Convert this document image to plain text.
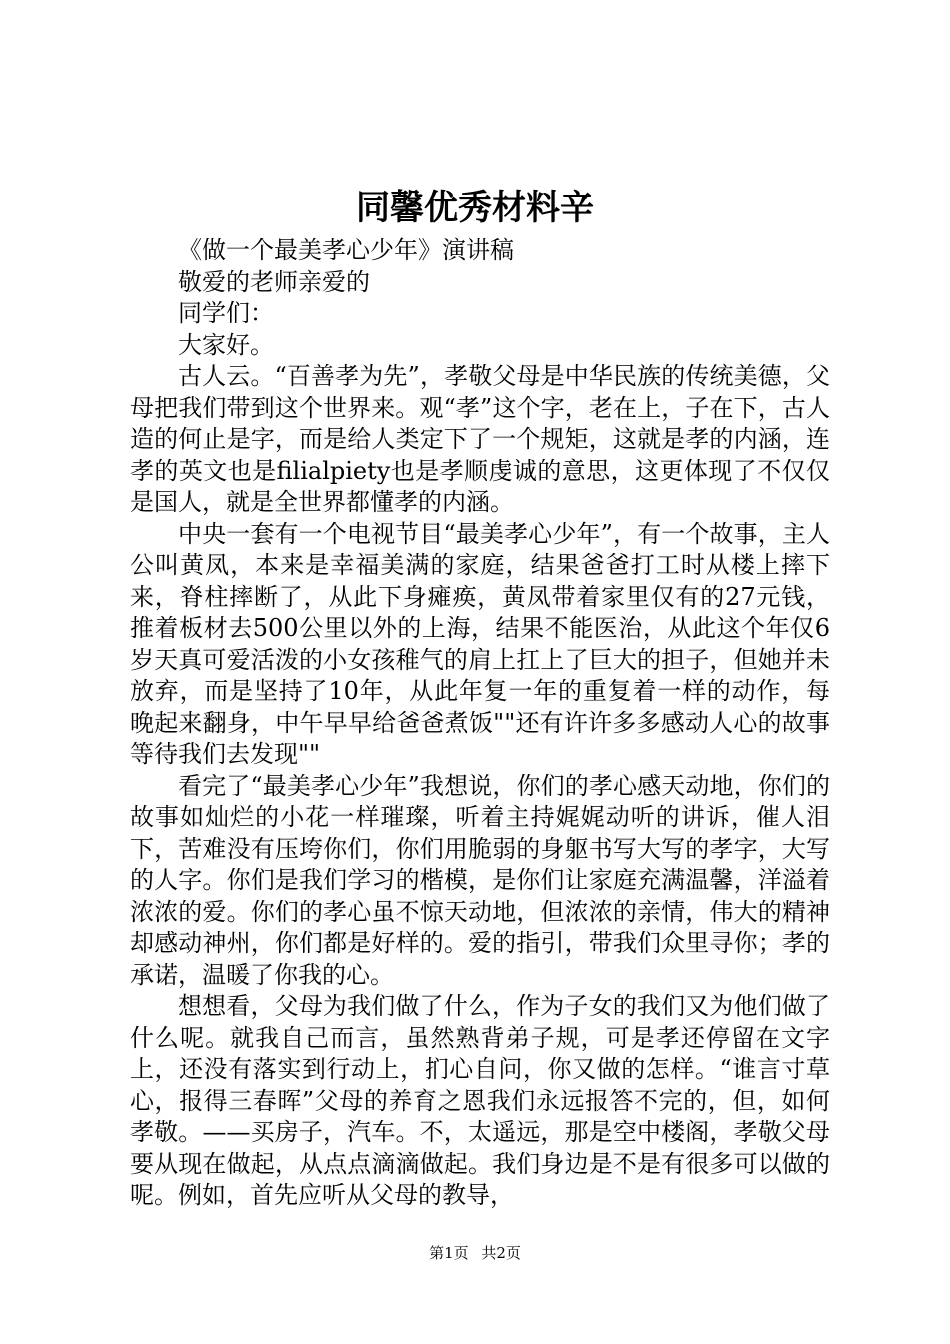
同馨优秀材料辛

《做一个最美孝心少年》演讲稿

敬爱的老师亲爱的

同学们：

大家好。

古人云。“百善孝为先”，孝敬父母是中华民族的传统美德，父母把我们带到这个世界来。观“孝”这个字，老在上，子在下，古人造的何止是字，而是给人类定下了一个规矩，这就是孝的内涵，连孝的英文也是filialpiety也是孝顺虔诚的意思，这更体现了不仅仅是国人，就是全世界都懂孝的内涵。

中央一套有一个电视节目“最美孝心少年”，有一个故事，主人公叫黄凤，本来是幸福美满的家庭，结果爸爸打工时从楼上摔下来，脊柱摔断了，从此下身瘫痪，黄凤带着家里仅有的27元钱，推着板材去500公里以外的上海，结果不能医治，从此这个年仅6岁天真可爱活泼的小女孩稚气的肩上扛上了巨大的担子，但她并未放弃，而是坚持了10年，从此年复一年的重复着一样的动作，每晚起来翻身，中午早早给爸爸煮饭""还有许许多多感动人心的故事等待我们去发现""

看完了“最美孝心少年”我想说，你们的孝心感天动地，你们的故事如灿烂的小花一样璀璨，听着主持娓娓动听的讲诉，催人泪下，苦难没有压垮你们，你们用脆弱的身躯书写大写的孝字，大写的人字。你们是我们学习的楷模，是你们让家庭充满温馨，洋溢着浓浓的爱。你们的孝心虽不惊天动地，但浓浓的亲情，伟大的精神却感动神州，你们都是好样的。爱的指引，带我们众里寻你；孝的承诺，温暖了你我的心。

想想看，父母为我们做了什么，作为子女的我们又为他们做了什么呢。就我自己而言，虽然熟背弟子规，可是孝还停留在文字上，还没有落实到行动上，扪心自问，你又做的怎样。“谁言寸草心，报得三春晖”父母的养育之恩我们永远报答不完的，但，如何孝敬。——买房子，汽车。不，太遥远，那是空中楼阁，孝敬父母要从现在做起，从点点滴滴做起。我们身边是不是有很多可以做的呢。例如，首先应听从父母的教导，

第1页 共2页
